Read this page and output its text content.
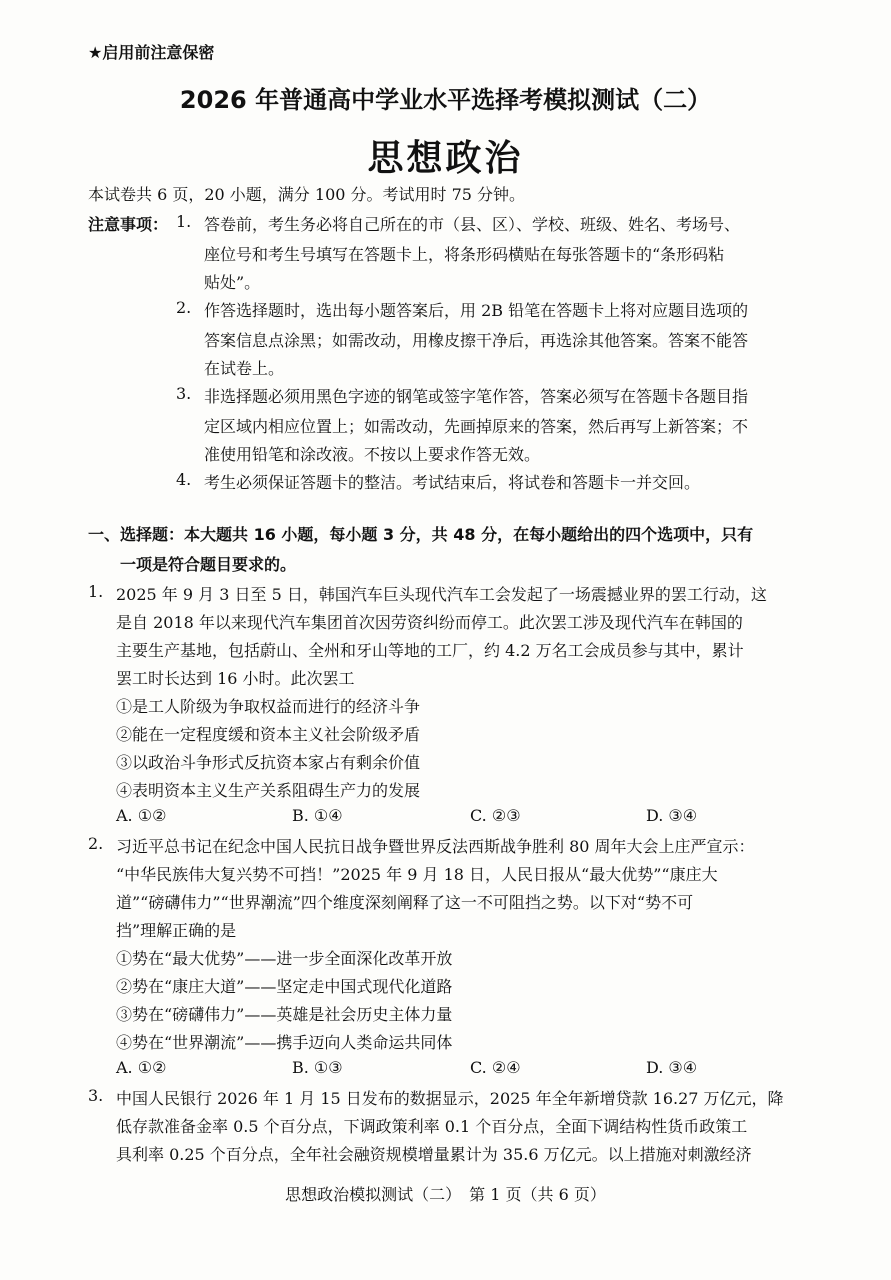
★启用前注意保密
2026 年普通高中学业水平选择考模拟测试（二）
思想政治
本试卷共 6 页，20 小题，满分 100 分。考试用时 75 分钟。
注意事项： 1. 答卷前，考生务必将自己所在的市（县、区）、学校、班级、姓名、考场号、
座位号和考生号填写在答题卡上，将条形码横贴在每张答题卡的“条形码粘
贴处”。
2. 作答选择题时，选出每小题答案后，用 2B 铅笔在答题卡上将对应题目选项的
答案信息点涂黑；如需改动，用橡皮擦干净后，再选涂其他答案。答案不能答
在试卷上。
3. 非选择题必须用黑色字迹的钢笔或签字笔作答，答案必须写在答题卡各题目指
定区域内相应位置上；如需改动，先画掉原来的答案，然后再写上新答案；不
准使用铅笔和涂改液。不按以上要求作答无效。
4. 考生必须保证答题卡的整洁。考试结束后，将试卷和答题卡一并交回。
一、选择题：本大题共 16 小题，每小题 3 分，共 48 分，在每小题给出的四个选项中，只有
一项是符合题目要求的。
1. 2025 年 9 月 3 日至 5 日，韩国汽车巨头现代汽车工会发起了一场震撼业界的罢工行动，这
是自 2018 年以来现代汽车集团首次因劳资纠纷而停工。此次罢工涉及现代汽车在韩国的
主要生产基地，包括蔚山、全州和牙山等地的工厂，约 4.2 万名工会成员参与其中，累计
罢工时长达到 16 小时。此次罢工
①是工人阶级为争取权益而进行的经济斗争
②能在一定程度缓和资本主义社会阶级矛盾
③以政治斗争形式反抗资本家占有剩余价值
④表明资本主义生产关系阻碍生产力的发展
A. ①②	B. ①④	C. ②③	D. ③④
2. 习近平总书记在纪念中国人民抗日战争暨世界反法西斯战争胜利 80 周年大会上庄严宣示：
“中华民族伟大复兴势不可挡！”2025 年 9 月 18 日，人民日报从“最大优势”“康庄大
道”“磅礴伟力”“世界潮流”四个维度深刻阐释了这一不可阻挡之势。以下对“势不可
挡”理解正确的是
①势在“最大优势”——进一步全面深化改革开放
②势在“康庄大道”——坚定走中国式现代化道路
③势在“磅礴伟力”——英雄是社会历史主体力量
④势在“世界潮流”——携手迈向人类命运共同体
A. ①②	B. ①③	C. ②④	D. ③④
3. 中国人民银行 2026 年 1 月 15 日发布的数据显示，2025 年全年新增贷款 16.27 万亿元，降
低存款准备金率 0.5 个百分点，下调政策利率 0.1 个百分点，全面下调结构性货币政策工
具利率 0.25 个百分点，全年社会融资规模增量累计为 35.6 万亿元。以上措施对刺激经济
思想政治模拟测试（二）　第 1 页（共 6 页）
